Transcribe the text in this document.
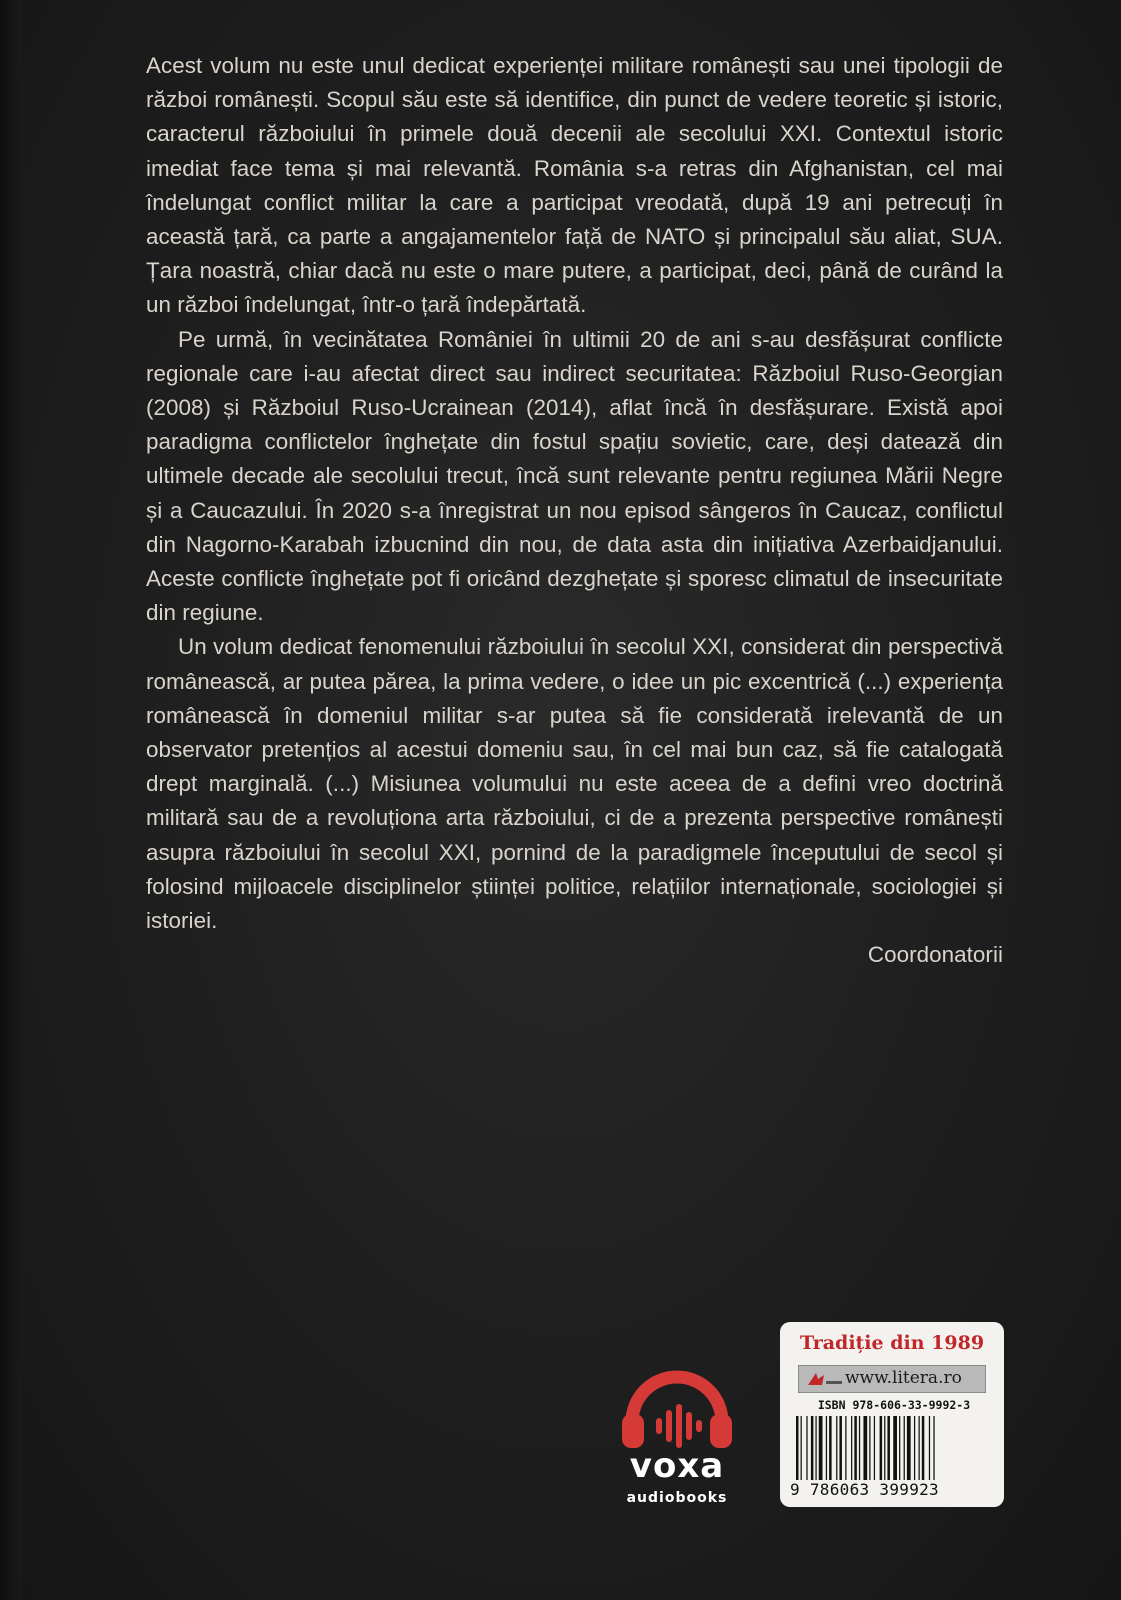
Acest volum nu este unul dedicat experienței militare românești sau unei tipologii de război românești. Scopul său este să identifice, din punct de vedere teoretic și istoric, caracterul războiului în primele două decenii ale secolului XXI. Contextul istoric imediat face tema și mai relevantă. România s-a retras din Afghanistan, cel mai îndelungat conflict militar la care a participat vreodată, după 19 ani petrecuți în această țară, ca parte a angajamentelor față de NATO și principalul său aliat, SUA. Țara noastră, chiar dacă nu este o mare putere, a participat, deci, până de curând la un război îndelungat, într-o țară îndepărtată.

Pe urmă, în vecinătatea României în ultimii 20 de ani s-au desfășurat conflicte regionale care i-au afectat direct sau indirect securitatea: Războiul Ruso-Georgian (2008) și Războiul Ruso-Ucrainean (2014), aflat încă în desfășurare. Există apoi paradigma conflictelor înghețate din fostul spațiu sovietic, care, deși datează din ultimele decade ale secolului trecut, încă sunt relevante pentru regiunea Mării Negre și a Caucazului. În 2020 s-a înregistrat un nou episod sângeros în Caucaz, conflictul din Nagorno-Karabah izbucnind din nou, de data asta din inițiativa Azerbaidjanului. Aceste conflicte înghețate pot fi oricând dezghețate și sporesc climatul de insecuritate din regiune.

Un volum dedicat fenomenului războiului în secolul XXI, considerat din perspectivă românească, ar putea părea, la prima vedere, o idee un pic excentrică (...) experiența românească în domeniul militar s-ar putea să fie considerată irelevantă de un observator pretențios al acestui domeniu sau, în cel mai bun caz, să fie catalogată drept marginală. (...) Misiunea volumului nu este aceea de a defini vreo doctrină militară sau de a revoluționa arta războiului, ci de a prezenta perspective românești asupra războiului în secolul XXI, pornind de la paradigmele începutului de secol și folosind mijloacele disciplinelor științei politice, relațiilor internaționale, sociologiei și istoriei.

Coordonatorii

voxa
audiobooks
Tradiție din 1989
www.litera.ro
ISBN 978-606-33-9992-3
9 786063 399923
